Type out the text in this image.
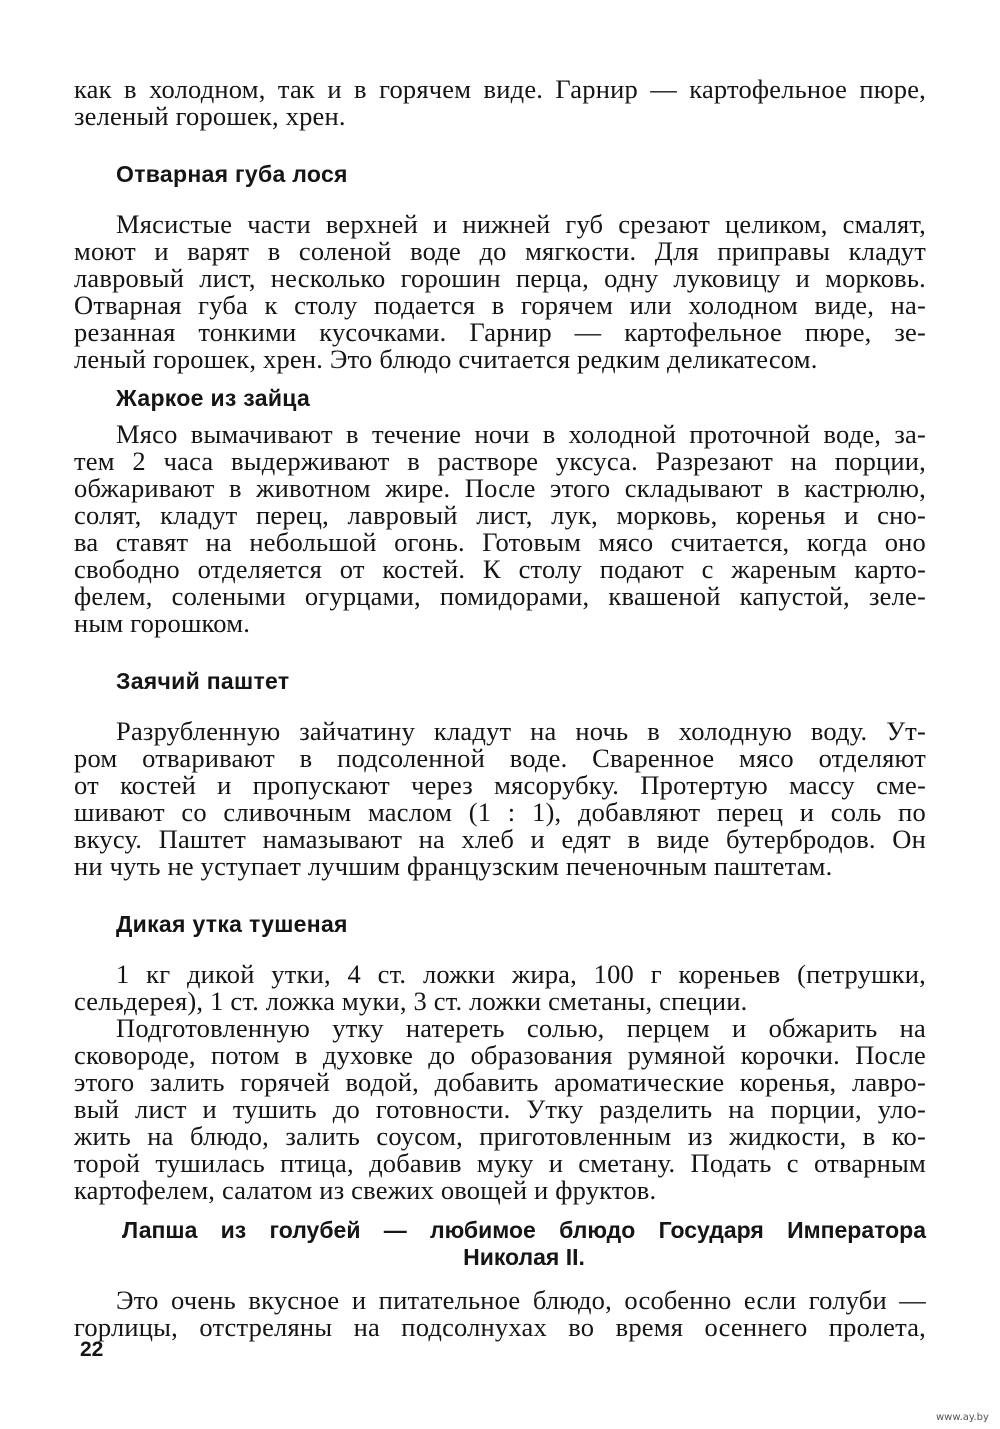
как в холодном, так и в горячем виде. Гарнир — картофельное пюре,
зеленый горошек, хрен.
Отварная губа лося
Мясистые части верхней и нижней губ срезают целиком, смалят,
моют и варят в соленой воде до мягкости. Для приправы кладут
лавровый лист, несколько горошин перца, одну луковицу и морковь.
Отварная губа к столу подается в горячем или холодном виде, на-
резанная тонкими кусочками. Гарнир — картофельное пюре, зе-
леный горошек, хрен. Это блюдо считается редким деликатесом.
Жаркое из зайца
Мясо вымачивают в течение ночи в холодной проточной воде, за-
тем 2 часа выдерживают в растворе уксуса. Разрезают на порции,
обжаривают в животном жире. После этого складывают в кастрюлю,
солят, кладут перец, лавровый лист, лук, морковь, коренья и сно-
ва ставят на небольшой огонь. Готовым мясо считается, когда оно
свободно отделяется от костей. К столу подают с жареным карто-
фелем, солеными огурцами, помидорами, квашеной капустой, зеле-
ным горошком.
Заячий паштет
Разрубленную зайчатину кладут на ночь в холодную воду. Ут-
ром отваривают в подсоленной воде. Сваренное мясо отделяют
от костей и пропускают через мясорубку. Протертую массу сме-
шивают со сливочным маслом (1 : 1), добавляют перец и соль по
вкусу. Паштет намазывают на хлеб и едят в виде бутербродов. Он
ни чуть не уступает лучшим французским печеночным паштетам.
Дикая утка тушеная
1 кг дикой утки, 4 ст. ложки жира, 100 г кореньев (петрушки,
сельдерея), 1 ст. ложка муки, 3 ст. ложки сметаны, специи.
Подготовленную утку натереть солью, перцем и обжарить на
сковороде, потом в духовке до образования румяной корочки. После
этого залить горячей водой, добавить ароматические коренья, лавро-
вый лист и тушить до готовности. Утку разделить на порции, уло-
жить на блюдо, залить соусом, приготовленным из жидкости, в ко-
торой тушилась птица, добавив муку и сметану. Подать с отварным
картофелем, салатом из свежих овощей и фруктов.
Лапша из голубей — любимое блюдо Государя Императора
Николая II.
Это очень вкусное и питательное блюдо, особенно если голуби —
горлицы, отстреляны на подсолнухах во время осеннего пролета,
22
www.ay.by
